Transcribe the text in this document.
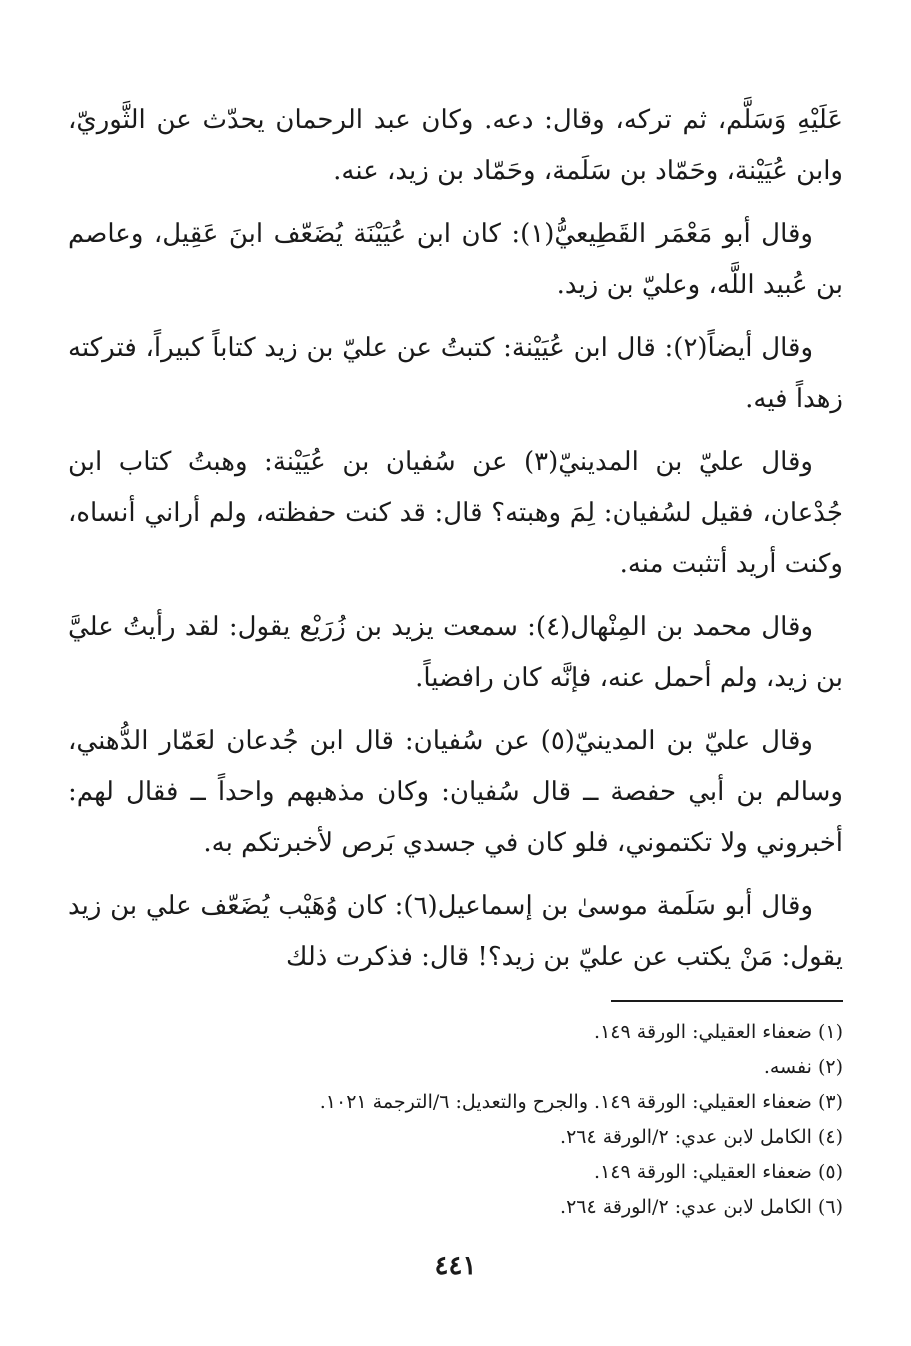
عَلَيْهِ وَسَلَّم، ثم تركه، وقال: دعه. وكان عبد الرحمان يحدّث عن الثَّوريّ، وابن عُيَيْنة، وحَمّاد بن سَلَمة، وحَمّاد بن زيد، عنه.

وقال أبو مَعْمَر القَطِيعيُّ(١): كان ابن عُيَيْنَة يُضَعّف ابنَ عَقِيل، وعاصم بن عُبيد اللَّه، وعليّ بن زيد.

وقال أيضاً(٢): قال ابن عُيَيْنة: كتبتُ عن عليّ بن زيد كتاباً كبيراً، فتركته زهداً فيه.

وقال عليّ بن المدينيّ(٣) عن سُفيان بن عُيَيْنة: وهبتُ كتاب ابن جُدْعان، فقيل لسُفيان: لِمَ وهبته؟ قال: قد كنت حفظته، ولم أراني أنساه، وكنت أريد أتثبت منه.

وقال محمد بن المِنْهال(٤): سمعت يزيد بن زُرَيْع يقول: لقد رأيتُ عليَّ بن زيد، ولم أحمل عنه، فإنَّه كان رافضياً.

وقال عليّ بن المدينيّ(٥) عن سُفيان: قال ابن جُدعان لعَمّار الدُّهني، وسالم بن أبي حفصة ــ قال سُفيان: وكان مذهبهم واحداً ــ فقال لهم: أخبروني ولا تكتموني، فلو كان في جسدي بَرص لأخبرتكم به.

وقال أبو سَلَمة موسىٰ بن إسماعيل(٦): كان وُهَيْب يُضَعّف علي بن زيد يقول: مَنْ يكتب عن عليّ بن زيد؟! قال: فذكرت ذلك

(١) ضعفاء العقيلي: الورقة ١٤٩.
(٢) نفسه.
(٣) ضعفاء العقيلي: الورقة ١٤٩. والجرح والتعديل: ٦/الترجمة ١٠٢١.
(٤) الكامل لابن عدي: ٢/الورقة ٢٦٤.
(٥) ضعفاء العقيلي: الورقة ١٤٩.
(٦) الكامل لابن عدي: ٢/الورقة ٢٦٤.
٤٤١
